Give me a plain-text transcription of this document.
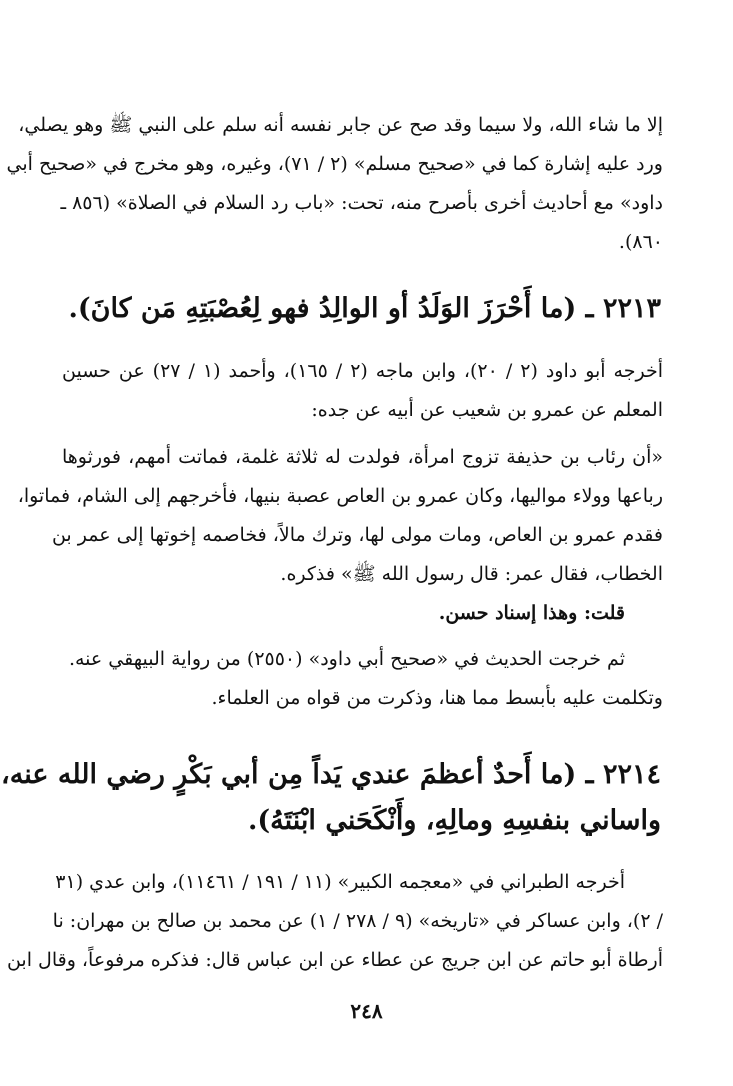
إلا ما شاء الله، ولا سيما وقد صح عن جابر نفسه أنه سلم على النبي ﷺ وهو يصلي،
ورد عليه إشارة كما في «صحيح مسلم» (٢ / ٧١)، وغيره، وهو مخرج في «صحيح أبي
داود» مع أحاديث أخرى بأصرح منه، تحت: «باب رد السلام في الصلاة» (٨٥٦ ـ
٨٦٠).
٢٢١٣ ـ (ما أَحْرَزَ الوَلَدُ أو الوالِدُ فهو لِعُصْبَتِهِ مَن كانَ).
أخرجه أبو داود (٢ / ٢٠)، وابن ماجه (٢ / ١٦٥)، وأحمد (١ / ٢٧) عن حسين
المعلم عن عمرو بن شعيب عن أبيه عن جده:
«أن رئاب بن حذيفة تزوج امرأة، فولدت له ثلاثة غلمة، فماتت أمهم، فورثوها
رباعها وولاء مواليها، وكان عمرو بن العاص عصبة بنيها، فأخرجهم إلى الشام، فماتوا،
فقدم عمرو بن العاص، ومات مولى لها، وترك مالاً، فخاصمه إخوتها إلى عمر بن
الخطاب، فقال عمر: قال رسول الله ﷺ» فذكره.
قلت: وهذا إسناد حسن.
ثم خرجت الحديث في «صحيح أبي داود» (٢٥٥٠) من رواية البيهقي عنه.
وتكلمت عليه بأبسط مما هنا، وذكرت من قواه من العلماء.
٢٢١٤ ـ (ما أَحدٌ أعظمَ عندي يَداً مِن أبي بَكْرٍ رضي الله عنه،
واساني بنفسِهِ ومالِهِ، وأَنْكَحَني ابْنَتَهُ).
أخرجه الطبراني في «معجمه الكبير» (١١ / ١٩١ / ١١٤٦١)، وابن عدي (٣١
/ ٢)، وابن عساكر في «تاريخه» (٩ / ٢٧٨ / ١) عن محمد بن صالح بن مهران: نا
أرطاة أبو حاتم عن ابن جريج عن عطاء عن ابن عباس قال: فذكره مرفوعاً، وقال ابن
٢٤٨
